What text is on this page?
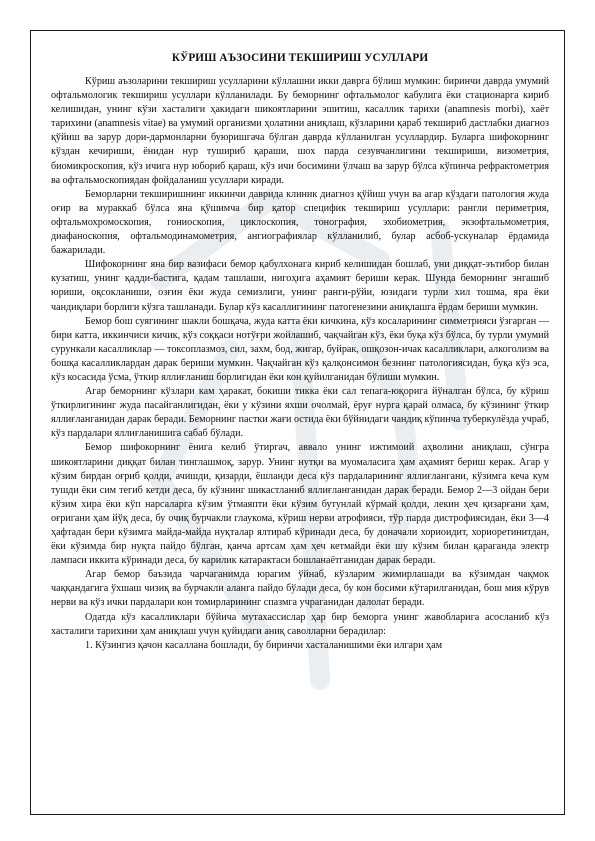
КЎРИШ АЪЗОСИНИ ТЕКШИРИШ УСУЛЛАРИ

Кўриш аъзоларини текшириш усулларини кўллашни икки даврга бўлиш мумкин: биринчи даврда умумий офтальмологик текшириш усуллари кўлланилади. Бу беморнинг офтальмолог кабулига ёки стационарга кириб келишидан, унинг кўзи хасталиги ҳакидаги шикоятларини эшитиш, касаллик тарихи (anamnesis morbi), хаёт тарихини (anamnesis vitae) ва умумий организми ҳолатини аниқлаш, кўзларини қараб текшириб дастлабки диагноз қўйиш ва зарур дори-дармонларни буюришгача бўлган даврда кўлланилган усуллардир. Буларга шифокорнинг кўздан кечириши, ёнидан нур тушириб қараши, шох парда сезувчанлигини текшириши, визометрия, биомикроскопия, кўз ичига нур юбориб қараш, кўз ичи босимини ўлчаш ва зарур бўлса кўпинча рефрактометрия ва офтальмоскопиядан фойдаланиш усуллари киради.

Беморларни текширишнинг иккинчи даврида клиник диагноз қўйиш учун ва агар кўздаги патология жуда оғир ва мураккаб бўлса яна қўшимча бир қатор специфик текшириш усуллари: рангли периметрия, офтальмохромоскопия, гониоскопия, циклоскопия, тонография, эхобиометрия, экзофтальмометрия, диафаноскопия, офтальмодинамометрия, ангиографиялар кўлланилиб, булар асбоб-ускуналар ёрдамида бажарилади.

Шифокорнинг яна бир вазифаси бемор қабулхонага кириб келишидан бошлаб, уни диққат-эътибор билан кузатиш, унинг қадди-бастига, қадам ташлаши, нигоҳига аҳамият бериши керак. Шунда беморнинг энгашиб юриши, оқсокланиши, озғин ёки жуда семизлиги, унинг ранги-рўйи, юзидаги турли хил тошма, яра ёки чандиқлари борлиги кўзга ташланади. Булар кўз касаллигининг патогенезини аниқлашга ёрдам бериши мумкин.

Бемор бош суягининг шакли бошқача, жуда катта ёки кичкина, кўз косаларининг симметрияси ўзгарган — бири катта, иккинчиси кичик, кўз соққаси нотўғри жойлашиб, чақчайган кўз, ёки буқа кўз бўлса, бу турли умумий сурункали касалликлар — токсоплазмоз, сил, захм, бод, жигар, буйрак, ошқозон-ичак касалликлари, алкоголизм ва бошқа касалликлардан дарак бериши мумкин. Чақчайган кўз қалқонсимон безнинг патологиясидан, буқа кўз эса, кўз косасида ўсма, ўткир яллиғланиш борлигидан ёки кон қуйилганидан бўлиши мумкин.

Агар беморнинг кўзлари кам ҳаракат, бокиши тикка ёки сал тепага-юқорига йўналган бўлса, бу кўриш ўткирлигининг жуда пасайганлигидан, ёки у кўзини яхши очолмай, ёруғ нурга қарай олмаса, бу кўзининг ўткир яллиғланганидан дарак беради. Беморнинг пастки жағи остида ёки бўйнидаги чандиқ кўпинча туберкулёзда учраб, кўз пардалари яллиғланишига сабаб бўлади.

Бемор шифокорнинг ёнига келиб ўтиргач, аввало унинг ижтимоий аҳволини аниқлаш, сўнгра шикоятларини диққат билан тинглашмоқ, зарур. Унинг нутқи ва муомаласига ҳам аҳамият бериш керак. Агар у кўзим бирдан оғриб қолди, ачишди, қизарди, ёшланди деса кўз пардаларининг яллиғлангани, кўзимга кеча кум тушди ёки сим тегиб кетди деса, бу кўзнинг шикастланиб яллиғланганидан дарак беради. Бемор 2—3 ойдан бери кўзим хира ёки кўп нарсаларга кўзим ўтмаяпти ёки кўзим бутунлай кўрмай қолди, лекин ҳеч қизарғани ҳам, оғригани ҳам йўқ деса, бу очиқ бурчакли глаукома, кўриш нерви атрофияси, тўр парда дистрофиясидан, ёки 3—4 ҳафтадан бери кўзимга майда-майда нуқталар ялтираб кўринади деса, бу доначали хориоидит, хориоретинитдан, ёки кўзимда бир нуқта пайдо бўлган, қанча артсам ҳам ҳеч кетмайди ёки шу кўзим билан қараганда электр лампаси иккита кўринади деса, бу карилик катарактаси бошланаётганидан дарак беради.

Агар бемор баъзида чарчаганимда юрагим ўйнаб, кўзларим жимирлашади ва кўзимдан чақмок чаққандагига ўхшаш чизиқ ва бурчакли аланга пайдо бўлади деса, бу кон босими кўтарилганидан, бош мия кўрув нерви ва кўз ички пардалари кон томирларининг спазмга учраганидан далолат беради.

Одатда кўз касалликлари бўйича мутахассислар ҳар бир беморга унинг жавобларига асосланиб кўз хасталиги тарихини ҳам аниқлаш учун қуйидаги аниқ саволларни берадилар:

1. Кўзингиз қачон касаллана бошлади, бу биринчи хасталанишими ёки илгари ҳам
